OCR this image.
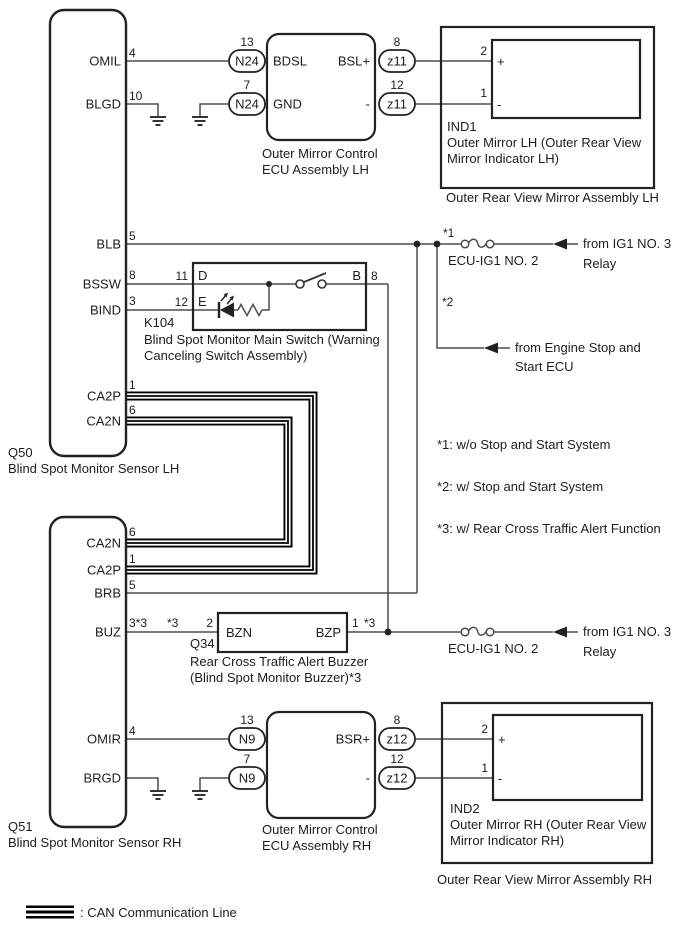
4
OMIL
10
BLGD
5
BLB
8
BSSW
3
BIND
1
CA2P
6
CA2N
Q50
Blind Spot Monitor Sensor LH
6
CA2N
1
CA2P
5
BRB
3*3
BUZ
4
OMIR
BRGD
Q51
Blind Spot Monitor Sensor RH
13
N24
7
N24
8
z11
12
z11
BDSL
GND
BSL+
-
Outer Mirror Control
ECU Assembly LH
2
+
1
-
IND1
Outer Mirror LH (Outer Rear View
Mirror Indicator LH)
Outer Rear View Mirror Assembly LH
11 D
12 E
B 8
K104
Blind Spot Monitor Main Switch (Warning
Canceling Switch Assembly)
*1
ECU-IG1 NO. 2
from IG1 NO. 3
Relay
*2
from Engine Stop and
Start ECU
*1: w/o Stop and Start System
*2: w/ Stop and Start System
*3: w/ Rear Cross Traffic Alert Function
*3 2
BZN	BZP
1 *3
Q34
Rear Cross Traffic Alert Buzzer
(Blind Spot Monitor Buzzer)*3
ECU-IG1 NO. 2
from IG1 NO. 3
Relay
13
N9
7
N9
8
z12
12
z12
BSR+
-
Outer Mirror Control
ECU Assembly RH
2
+
1
-
IND2
Outer Mirror RH (Outer Rear View
Mirror Indicator RH)
Outer Rear View Mirror Assembly RH
: CAN Communication Line
